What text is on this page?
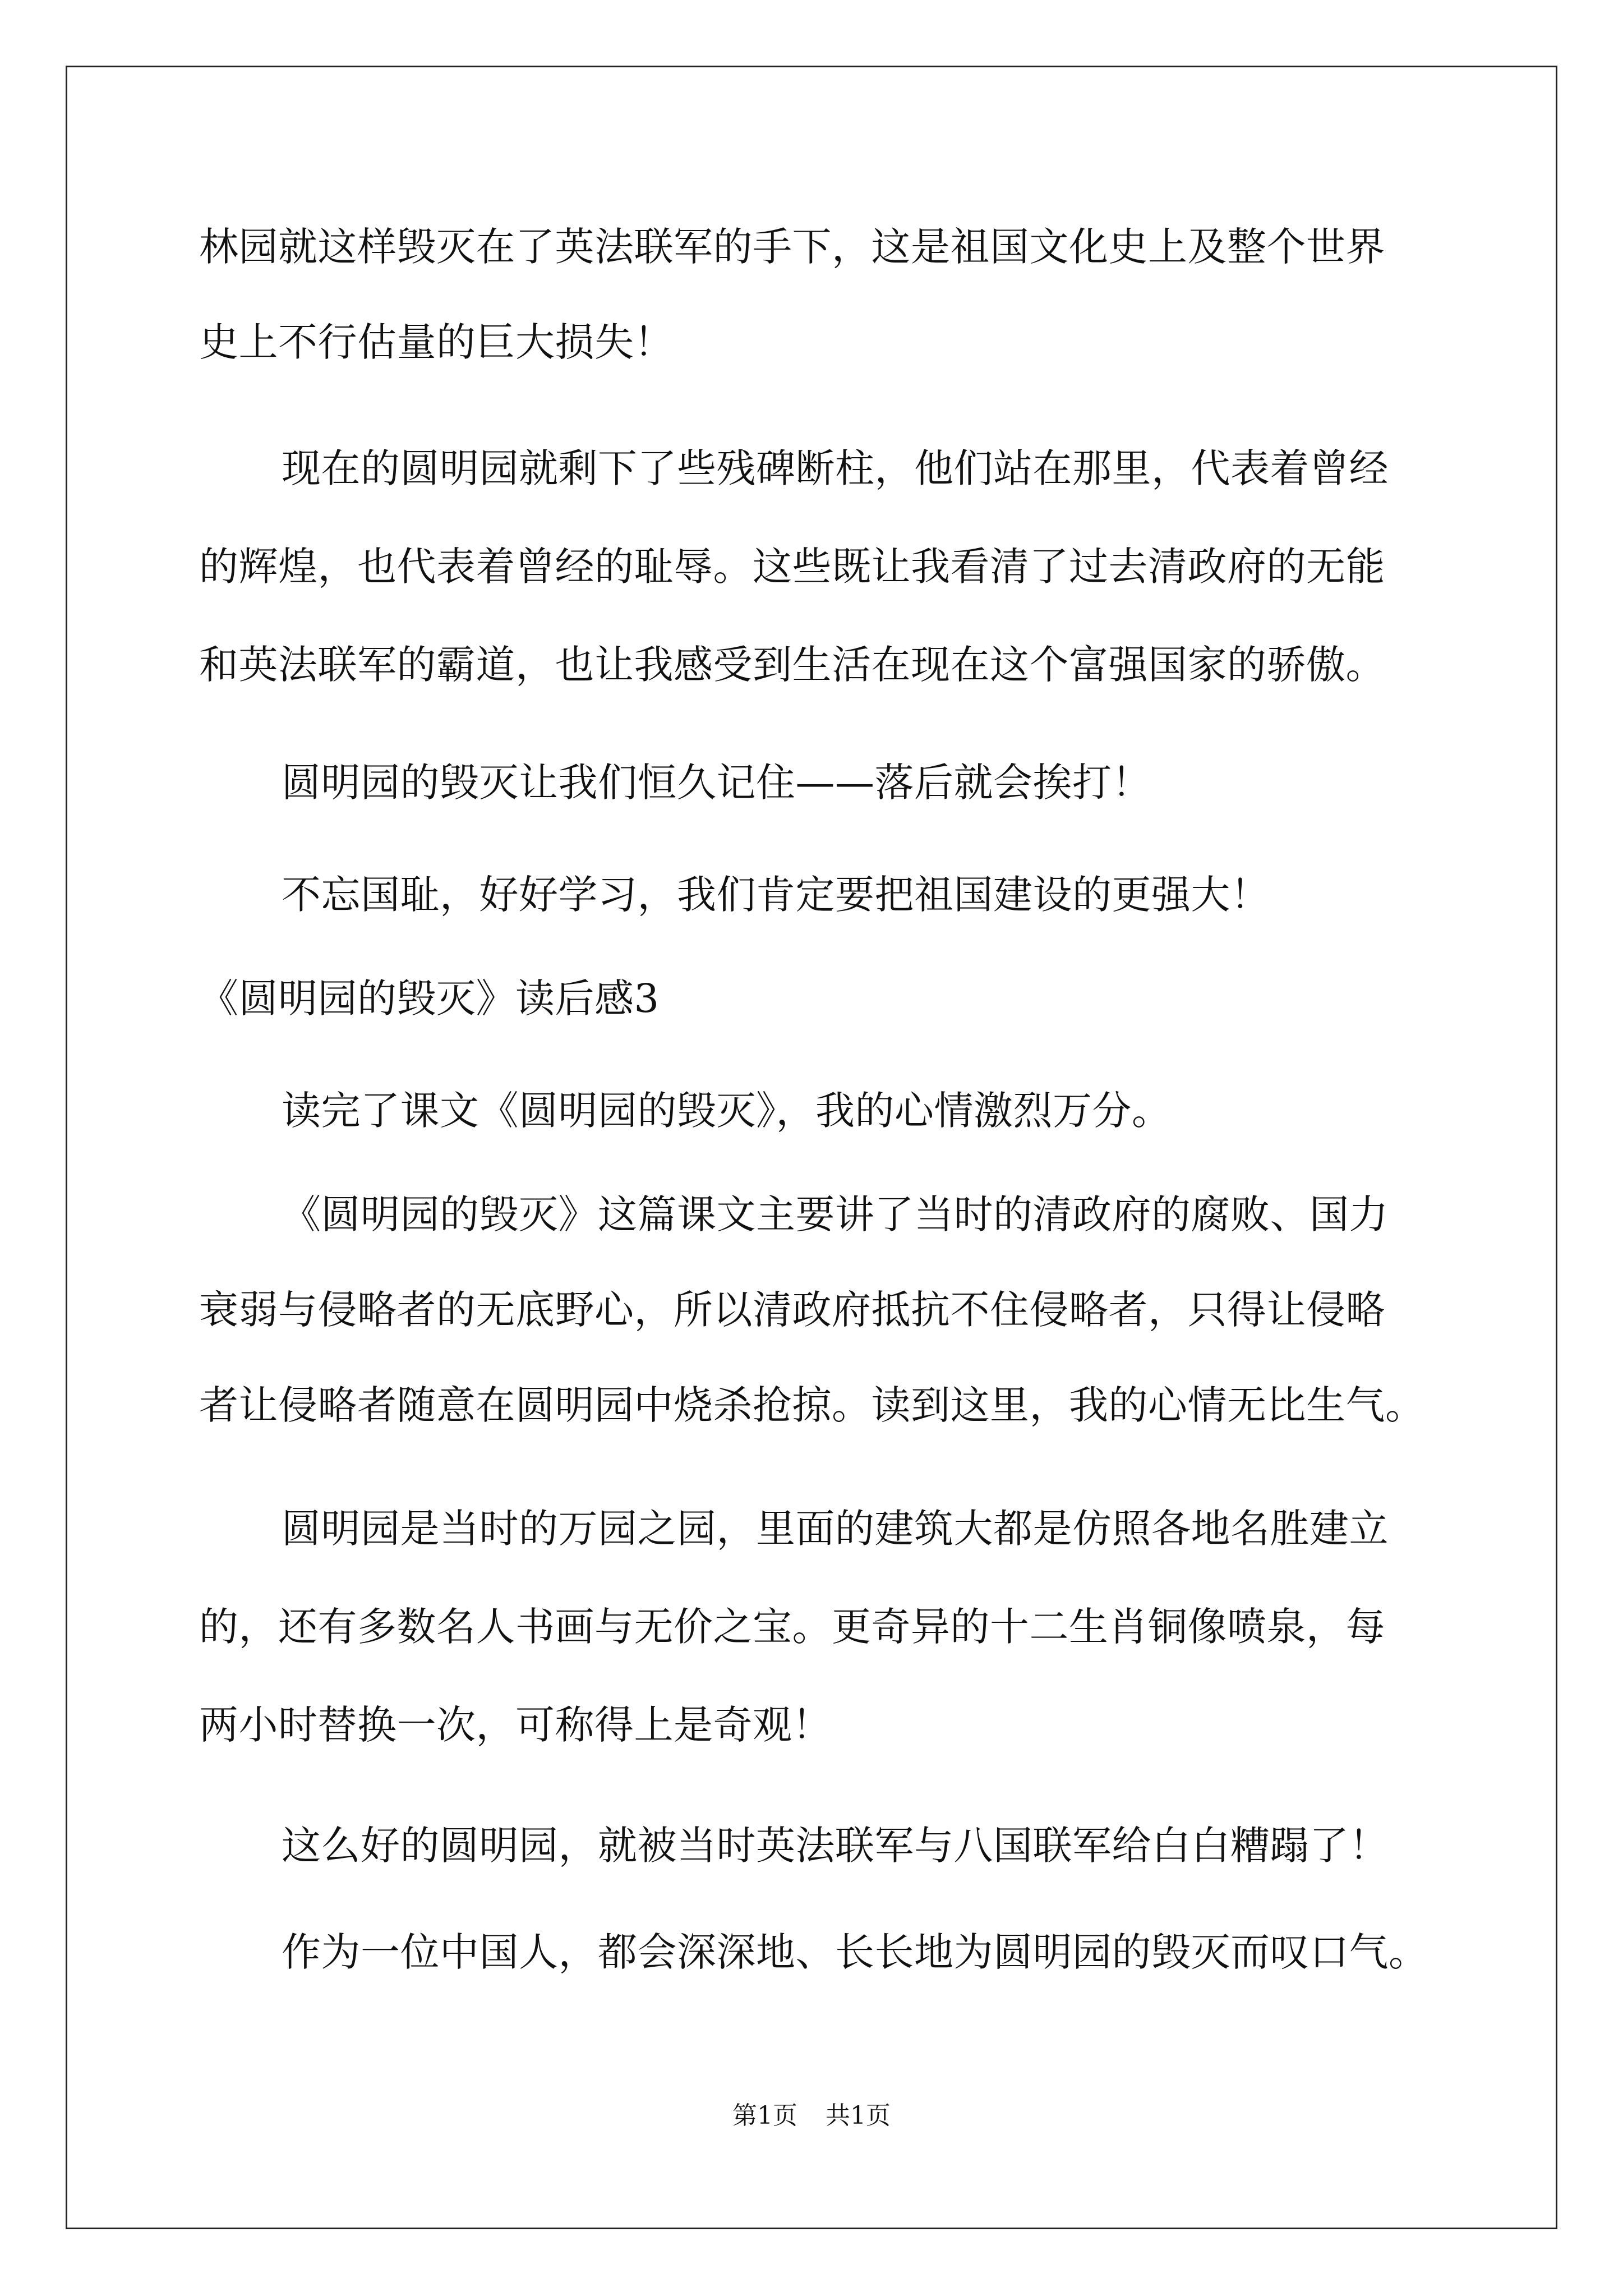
林园就这样毁灭在了英法联军的手下，这是祖国文化史上及整个世界
史上不行估量的巨大损失！
现在的圆明园就剩下了些残碑断柱，他们站在那里，代表着曾经
的辉煌，也代表着曾经的耻辱。这些既让我看清了过去清政府的无能
和英法联军的霸道，也让我感受到生活在现在这个富强国家的骄傲。
圆明园的毁灭让我们恒久记住——落后就会挨打！
不忘国耻，好好学习，我们肯定要把祖国建设的更强大！
《圆明园的毁灭》读后感3
读完了课文《圆明园的毁灭》，我的心情激烈万分。
《圆明园的毁灭》这篇课文主要讲了当时的清政府的腐败、国力
衰弱与侵略者的无底野心，所以清政府抵抗不住侵略者，只得让侵略
者让侵略者随意在圆明园中烧杀抢掠。读到这里，我的心情无比生气。
圆明园是当时的万园之园，里面的建筑大都是仿照各地名胜建立
的，还有多数名人书画与无价之宝。更奇异的十二生肖铜像喷泉，每
两小时替换一次，可称得上是奇观！
这么好的圆明园，就被当时英法联军与八国联军给白白糟蹋了！
作为一位中国人，都会深深地、长长地为圆明园的毁灭而叹口气。
第1页 共1页
